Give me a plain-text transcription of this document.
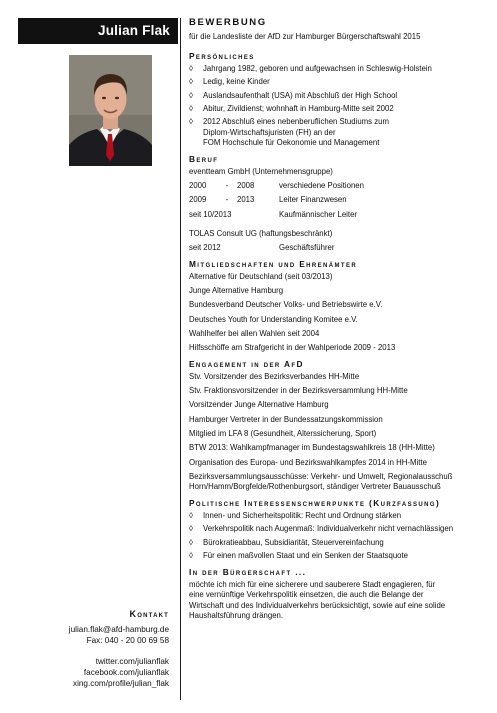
Julian Flak
Kontakt
julian.flak@afd-hamburg.de
Fax: 040 - 20 00 69 58
twitter.com/julianflak
facebook.com/julianflak
xing.com/profile/julian_flak
BEWERBUNG
für die Landesliste der AfD zur Hamburger Bürgerschaftswahl 2015
Persönliches
◊ Jahrgang 1982, geboren und aufgewachsen in Schleswig-Holstein
◊ Ledig, keine Kinder
◊ Auslandsaufenthalt (USA) mit Abschluß der High School
◊ Abitur, Zivildienst; wohnhaft in Hamburg-Mitte seit 2002
◊ 2012 Abschluß eines nebenberuflichen Studiums zum
Diplom-Wirtschaftsjuristen (FH) an der
FOM Hochschule für Oekonomie und Management
Beruf
eventteam GmbH (Unternehmensgruppe)
2000	-	2008	verschiedene Positionen
2009	-	2013	Leiter Finanzwesen
seit 10/2013	Kaufmännischer Leiter
TOLAS Consult UG (haftungsbeschränkt)
seit 2012	Geschäftsführer
Mitgliedschaften und Ehrenämter
Alternative für Deutschland (seit 03/2013)
Junge Alternative Hamburg
Bundesverband Deutscher Volks- und Betriebswirte e.V.
Deutsches Youth for Understanding Komitee e.V.
Wahlhelfer bei allen Wahlen seit 2004
Hilfsschöffe am Strafgericht in der Wahlperiode 2009 - 2013
Engagement in der AfD
Stv. Vorsitzender des Bezirksverbandes HH-Mitte
Stv. Fraktionsvorsitzender in der Bezirksversammlung HH-Mitte
Vorsitzender Junge Alternative Hamburg
Hamburger Vertreter in der Bundessatzungskommission
Mitglied im LFA 8 (Gesundheit, Alterssicherung, Sport)
BTW 2013: Wahlkampfmanager im Bundestagswahlkreis 18 (HH-Mitte)
Organisation des Europa- und Bezirkswahlkampfes 2014 in HH-Mitte
Bezirksversammlungsausschüsse: Verkehr- und Umwelt, Regionalausschuß
Horn/Hamm/Borgfelde/Rothenburgsort, ständiger Vertreter Bauausschuß
Politische Interessenschwerpunkte (Kurzfassung)
◊ Innen- und Sicherheitspolitik: Recht und Ordnung stärken
◊ Verkehrspolitik nach Augenmaß: Individualverkehr nicht vernachlässigen
◊ Bürokratieabbau, Subsidiarität, Steuervereinfachung
◊ Für einen maßvollen Staat und ein Senken der Staatsquote
In der Bürgerschaft ...
möchte ich mich für eine sicherere und sauberere Stadt engagieren, für
eine vernünftige Verkehrspolitik einsetzen, die auch die Belange der
Wirtschaft und des Individualverkehrs berücksichtigt, sowie auf eine solide
Haushaltsführung drängen.
